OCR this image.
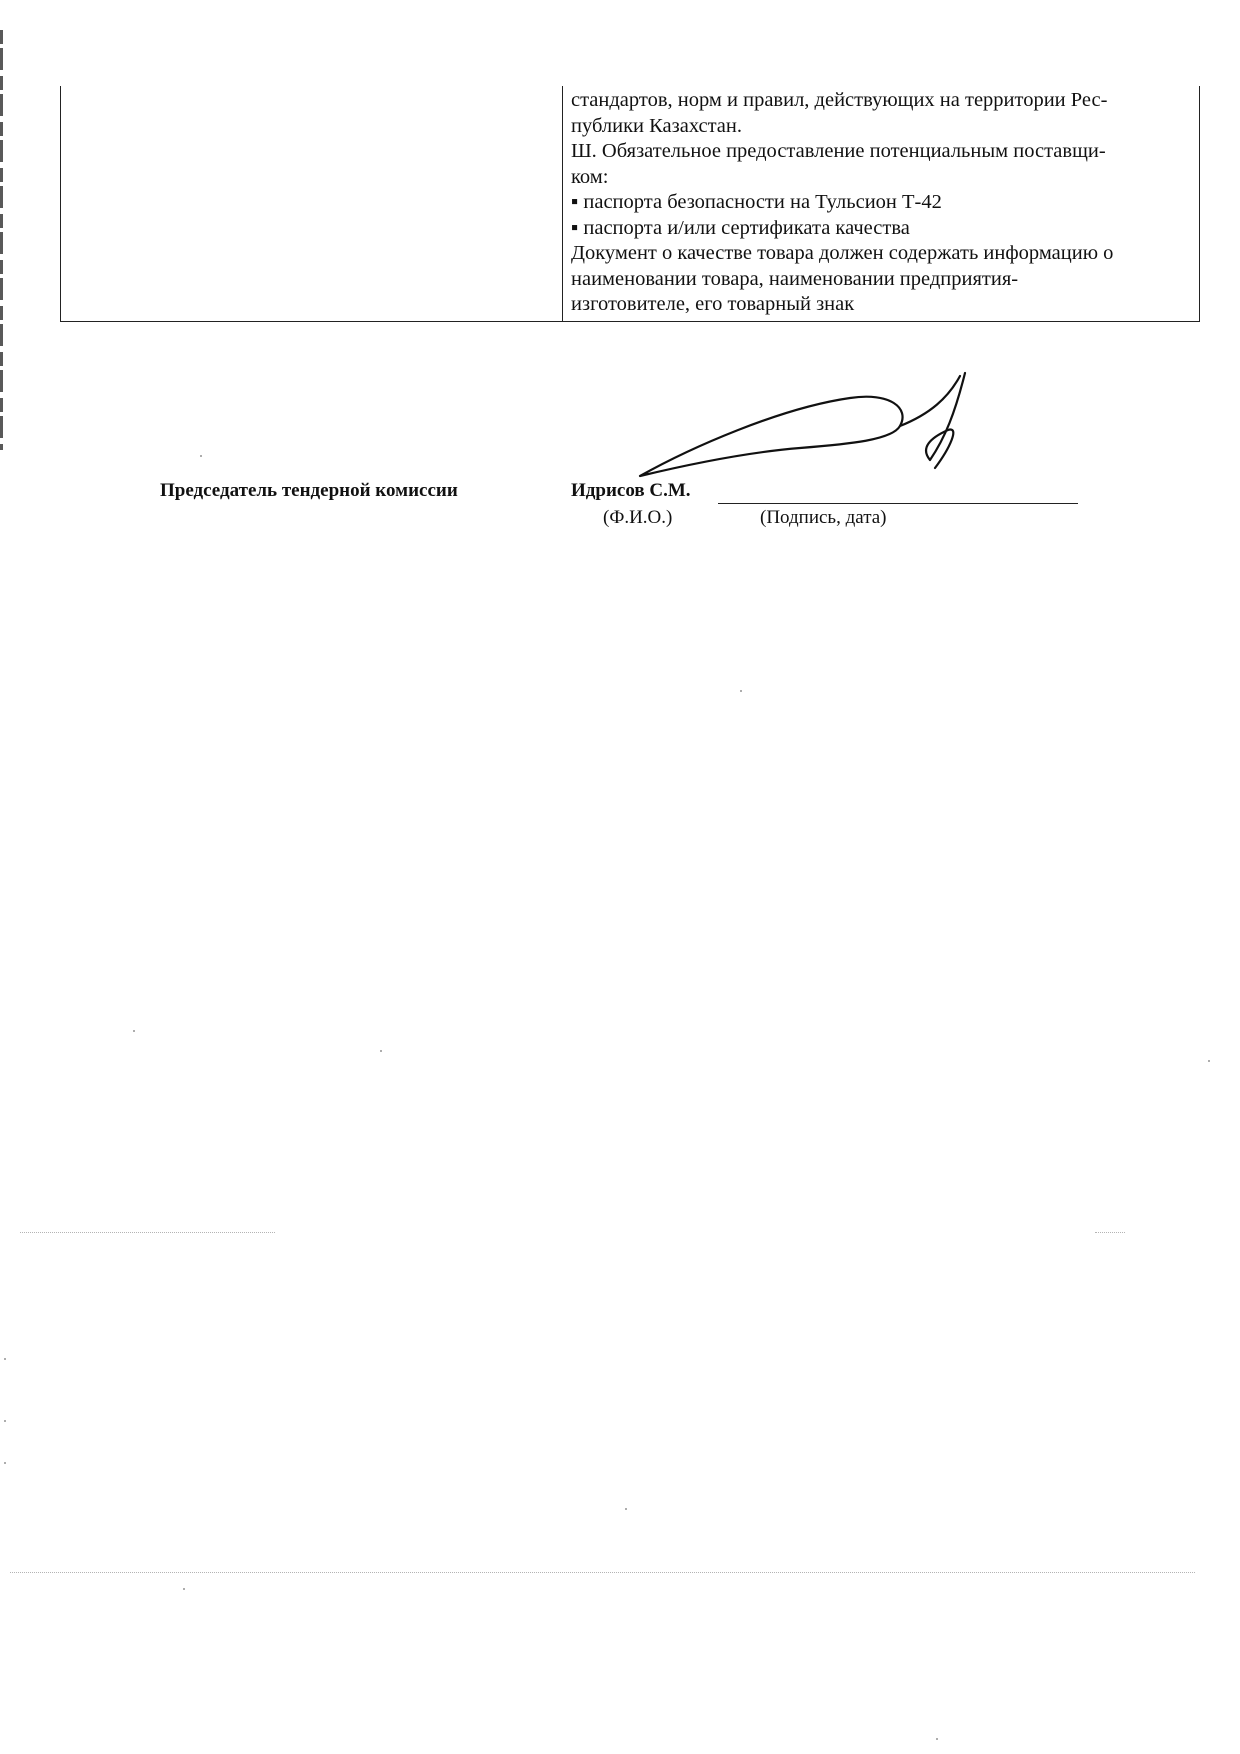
стандартов, норм и правил, действующих на территории Рес-

публики Казахстан.

Ш. Обязательное предоставление потенциальным поставщи-

ком:

▪ паспорта безопасности на Тульсион Т-42

▪ паспорта и/или сертификата качества

Документ о качестве товара должен содержать информацию о

наименовании товара, наименовании предприятия-

изготовителе, его товарный знак

Председатель тендерной комиссии	Идрисов С.М.
(Ф.И.О.)	(Подпись, дата)
